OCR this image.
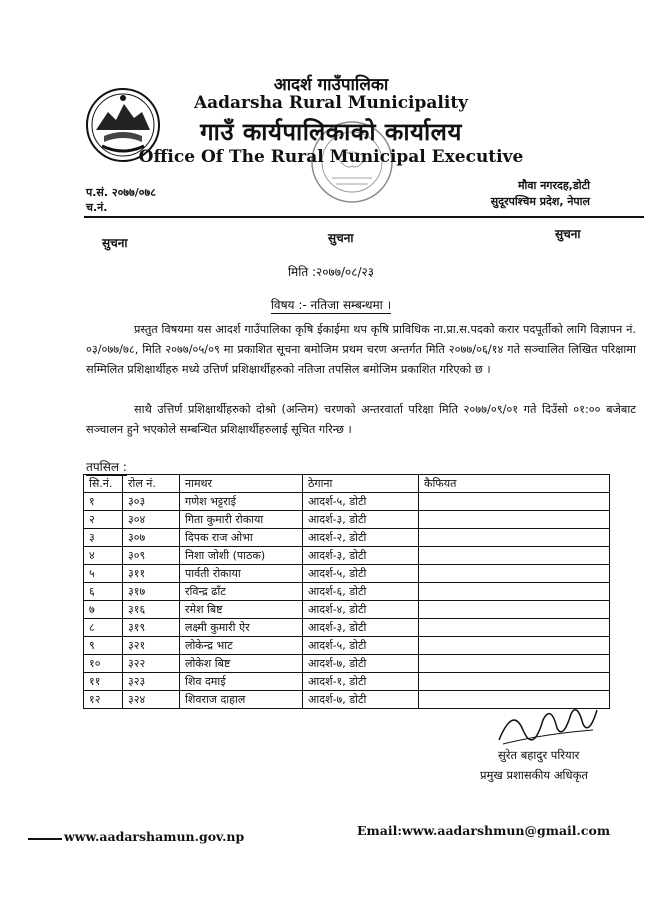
आदर्श गाउँपालिका
Aadarsha Rural Municipality
गाउँ कार्यपालिकाको कार्यालय
Office Of The Rural Municipal Executive
प.सं. २०७७/०७८
च.नं.
मौवा नगरदह,डोटी
सुदूरपश्चिम प्रदेश, नेपाल
सुचना	सुचना	सुचना
मिति :२०७७/०८/२३
विषय :- नतिजा सम्बन्धमा ।
प्रस्तुत विषयमा यस आदर्श गाउँपालिका कृषि ईकाईमा थप कृषि प्राविधिक ना.प्रा.स.पदको करार पदपूर्तीको लागि विज्ञापन नं. ०३/०७७/७८, मिति २०७७/०५/०९ मा प्रकाशित सूचना बमोजिम प्रथम चरण अन्तर्गत मिति २०७७/०६/१४ गते सञ्चालित लिखित परिक्षामा सम्मिलित प्रशिक्षार्थीहरु मध्ये उत्तिर्ण प्रशिक्षार्थीहरुको नतिजा तपसिल बमोजिम प्रकाशित गरिएको छ ।
साथै उत्तिर्ण प्रशिक्षार्थीहरुको दोश्रो (अन्तिम) चरणको अन्तरवार्ता परिक्षा मिति २०७७/०९/०१ गते दिउँसो ०१:०० बजेबाट सञ्चालन हुने भएकोले सम्बन्धित प्रशिक्षार्थीहरुलाई सूचित गरिन्छ ।
तपसिल :
सि.नं.	रोल नं.	नामथर	ठेगाना	कैफियत
१	३०३	गणेश भट्टराई	आदर्श-५, डोटी	
२	३०४	गिता कुमारी रोकाया	आदर्श-३, डोटी	
३	३०७	दिपक राज ओभा	आदर्श-२, डोटी	
४	३०९	निशा जोशी (पाठक)	आदर्श-३, डोटी	
५	३११	पार्वती रोकाया	आदर्श-५, डोटी	
६	३१७	रविन्द्र ढाँट	आदर्श-६, डोटी	
७	३१६	रमेश बिष्ट	आदर्श-४, डोटी	
८	३१९	लक्ष्मी कुमारी ऐर	आदर्श-३, डोटी	
९	३२१	लोकेन्द्र भाट	आदर्श-५, डोटी	
१०	३२२	लोकेश बिष्ट	आदर्श-७, डोटी	
११	३२३	शिव दमाई	आदर्श-१, डोटी	
१२	३२४	शिवराज दाहाल	आदर्श-७, डोटी	
सुरेत बहादुर परियार
प्रमुख प्रशासकीय अधिकृत
www.aadarshamun.gov.np	Email:www.aadarshmun@gmail.com
